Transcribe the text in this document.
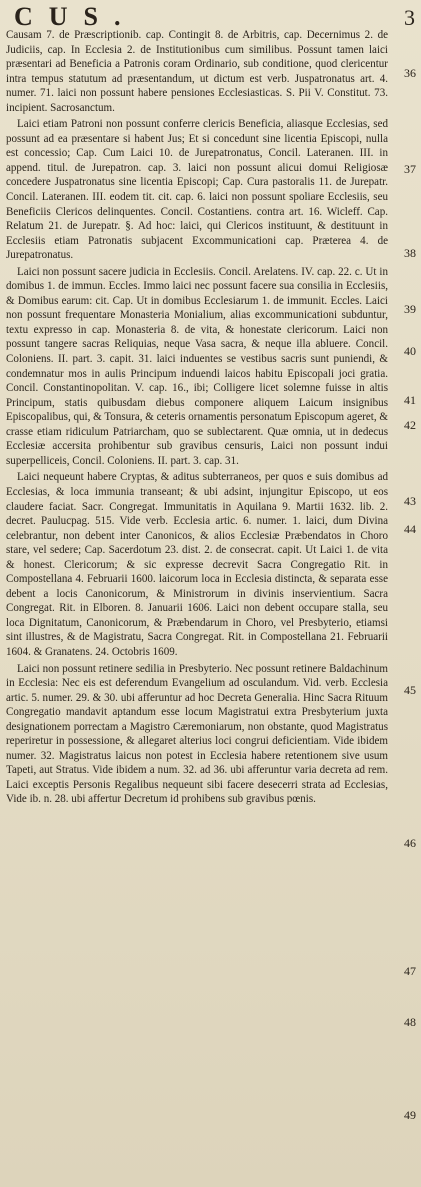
CUS.	3

Causam 7. de Præscriptionib. cap. Contingit 8. de Arbitris, cap. Decernimus 2. de Judiciis, cap. In Ecclesia 2. de Institutionibus cum similibus. Possunt tamen laici præsentari ad Beneficia a Patronis coram Ordinario, sub conditione, quod clericentur intra tempus statutum ad præsentandum, ut dictum est verb. Juspatronatus art. 4. numer. 71. laici non possunt habere pensiones Ecclesiasticas. S. Pii V. Constitut. 73. incipient. Sacrosanctum.

Laici etiam Patroni non possunt conferre clericis Beneficia, aliasque Ecclesias, sed possunt ad ea præsentare si habent Jus; Et si concedunt sine licentia Episcopi, nulla est concessio; Cap. Cum Laici 10. de Jurepatronatus, Concil. Lateranen. III. in append. titul. de Jurepatron. cap. 3. laici non possunt alicui domui Religiosæ concedere Juspatronatus sine licentia Episcopi; Cap. Cura pastoralis 11. de Jurepatr. Concil. Lateranen. III. eodem tit. cit. cap. 6. laici non possunt spoliare Ecclesiis, seu Beneficiis Clericos delinquentes. Concil. Costantiens. contra art. 16. Wicleff. Cap. Relatum 21. de Jurepatr. §. Ad hoc: laici, qui Clericos instituunt, & destituunt in Ecclesiis etiam Patronatis subjacent Excommunicationi cap. Præterea 4. de Jurepatronatus.

Laici non possunt sacere judicia in Ecclesiis. Concil. Arelatens. IV. cap. 22. c. Ut in domibus 1. de immun. Eccles. Immo laici nec possunt facere sua consilia in Ecclesiis, & Domibus earum: cit. Cap. Ut in domibus Ecclesiarum 1. de immunit. Eccles. Laici non possunt frequentare Monasteria Monialium, alias excommunicationi subduntur, textu expresso in cap. Monasteria 8. de vita, & honestate clericorum. Laici non possunt tangere sacras Reliquias, neque Vasa sacra, & neque illa abluere. Concil. Coloniens. II. part. 3. capit. 31. laici induentes se vestibus sacris sunt puniendi, & condemnatur mos in aulis Principum induendi laicos habitu Episcopali joci gratia. Concil. Constantinopolitan. V. cap. 16., ibi; Colligere licet solemne fuisse in altis Principum, statis quibusdam diebus componere aliquem Laicum insignibus Episcopalibus, qui, & Tonsura, & ceteris ornamentis personatum Episcopum ageret, & crasse etiam ridiculum Patriarcham, quo se sublectarent. Quæ omnia, ut in dedecus Ecclesiæ accersita prohibentur sub gravibus censuris, Laici non possunt indui superpelliceis, Concil. Coloniens. II. part. 3. cap. 31.

Laici nequeunt habere Cryptas, & aditus subterraneos, per quos e suis domibus ad Ecclesias, & loca immunia transeant; & ubi adsint, injungitur Episcopo, ut eos claudere faciat. Sacr. Congregat. Immunitatis in Aquilana 9. Martii 1632. lib. 2. decret. Paulucpag. 515. Vide verb. Ecclesia artic. 6. numer. 1. laici, dum Divina celebrantur, non debent inter Canonicos, & alios Ecclesiæ Præbendatos in Choro stare, vel sedere; Cap. Sacerdotum 23. dist. 2. de consecrat. capit. Ut Laici 1. de vita & honest. Clericorum; & sic expresse decrevit Sacra Congregatio Rit. in Compostellana 4. Februarii 1600. laicorum loca in Ecclesia distincta, & separata esse debent a locis Canonicorum, & Ministrorum in divinis inservientium. Sacra Congregat. Rit. in Elboren. 8. Januarii 1606. Laici non debent occupare stalla, seu loca Dignitatum, Canonicorum, & Præbendarum in Choro, vel Presbyterio, etiamsi sint illustres, & de Magistratu, Sacra Congregat. Rit. in Compostellana 21. Februarii 1604. & Granatens. 24. Octobris 1609.

Laici non possunt retinere sedilia in Presbyterio. Nec possunt retinere Baldachinum in Ecclesia: Nec eis est deferendum Evangelium ad osculandum. Vid. verb. Ecclesia artic. 5. numer. 29. & 30. ubi afferuntur ad hoc Decreta Generalia. Hinc Sacra Rituum Congregatio mandavit aptandum esse locum Magistratui extra Presbyterium juxta designationem porrectam a Magistro Cæremoniarum, non obstante, quod Magistratus reperiretur in possessione, & allegaret alterius loci congrui deficientiam. Vide ibidem numer. 32. Magistratus laicus non potest in Ecclesia habere retentionem sive usum Tapeti, aut Stratus. Vide ibidem a num. 32. ad 36. ubi afferuntur varia decreta ad rem. Laici exceptis Personis Regalibus nequeunt sibi facere desecerri strata ad Ecclesias, Vide ib. n. 28. ubi affertur Decretum id prohibens sub gravibus pœnis.

36
37
38
39
40
41
42
43
44
45
46
47
48
49
